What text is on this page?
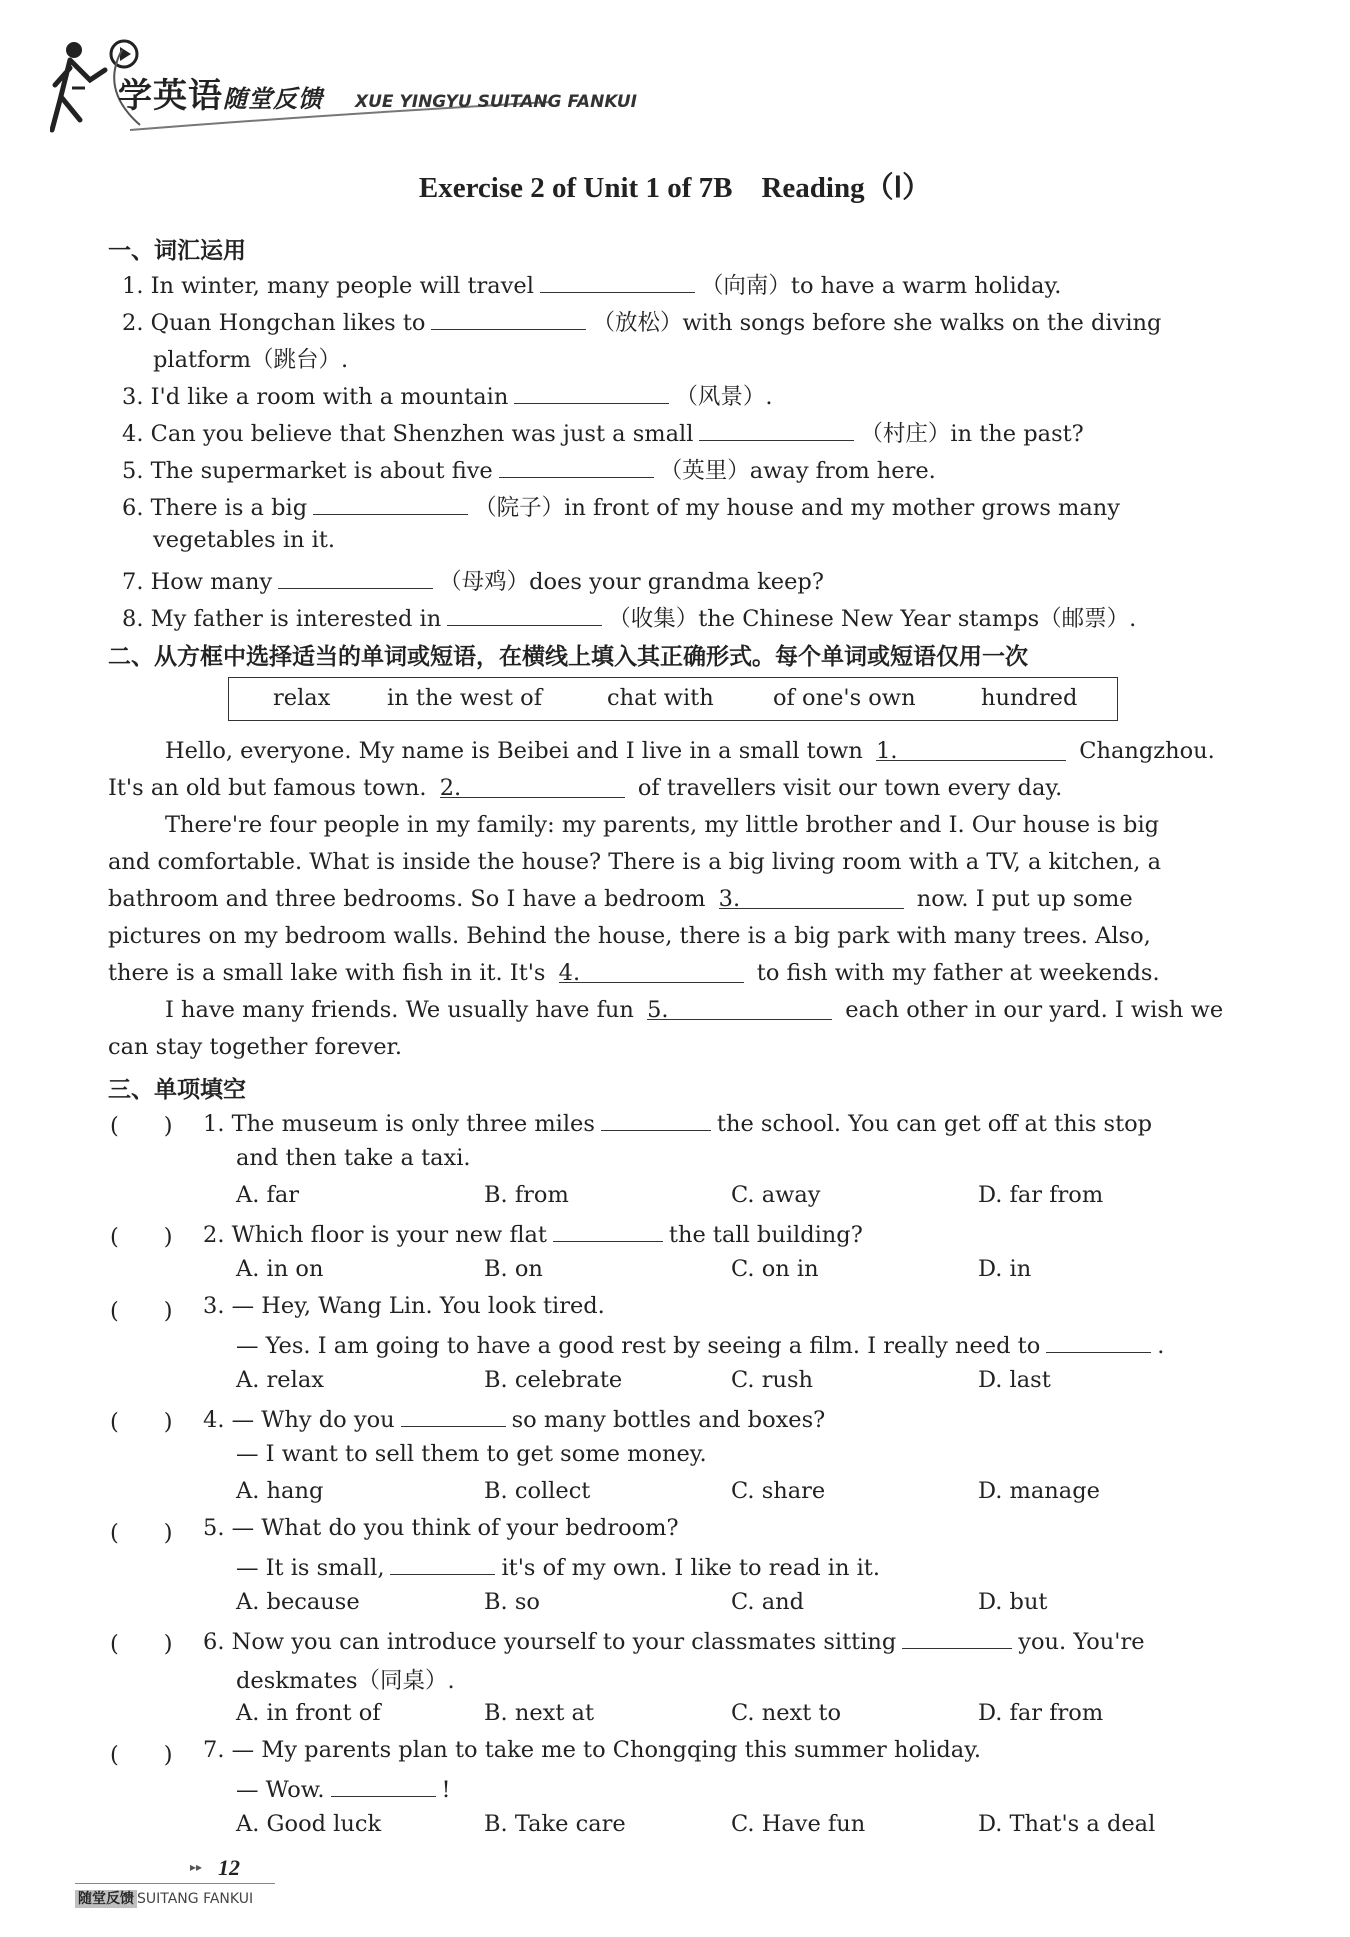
学英语随堂反馈 XUE YINGYU SUITANG FANKUI
Exercise 2 of Unit 1 of 7B　Reading（Ⅰ）
一、词汇运用
1. In winter, many people will travel	（向南）to have a warm holiday.
2. Quan Hongchan likes to	（放松）with songs before she walks on the diving
platform（跳台）.
3. I'd like a room with a mountain	（风景）.
4. Can you believe that Shenzhen was just a small	（村庄）in the past?
5. The supermarket is about five	（英里）away from here.
6. There is a big	（院子）in front of my house and my mother grows many
vegetables in it.
7. How many	（母鸡）does your grandma keep?
8. My father is interested in	（收集）the Chinese New Year stamps（邮票）.
二、从方框中选择适当的单词或短语，在横线上填入其正确形式。每个单词或短语仅用一次
relax	in the west of	chat with	of one's own	hundred
Hello, everyone. My name is Beibei and I live in a small town 1.	Changzhou.
It's an old but famous town. 2.	of travellers visit our town every day.
There're four people in my family: my parents, my little brother and I. Our house is big
and comfortable. What is inside the house? There is a big living room with a TV, a kitchen, a
bathroom and three bedrooms. So I have a bedroom 3.	now. I put up some
pictures on my bedroom walls. Behind the house, there is a big park with many trees. Also,
there is a small lake with fish in it. It's 4.	to fish with my father at weekends.
I have many friends. We usually have fun 5.	each other in our yard. I wish we
can stay together forever.
三、单项填空
(　　) 1. The museum is only three miles	the school. You can get off at this stop
and then take a taxi.
A. far	B. from	C. away	D. far from
(　　) 2. Which floor is your new flat	the tall building?
A. in on	B. on	C. on in	D. in
(　　) 3. — Hey, Wang Lin. You look tired.
— Yes. I am going to have a good rest by seeing a film. I really need to	.
A. relax	B. celebrate	C. rush	D. last
(　　) 4. — Why do you	so many bottles and boxes?
— I want to sell them to get some money.
A. hang	B. collect	C. share	D. manage
(　　) 5. — What do you think of your bedroom?
— It is small,	it's of my own. I like to read in it.
A. because	B. so	C. and	D. but
(　　) 6. Now you can introduce yourself to your classmates sitting	you. You're
deskmates（同桌）.
A. in front of	B. next at	C. next to	D. far from
(　　) 7. — My parents plan to take me to Chongqing this summer holiday.
— Wow.	!
A. Good luck	B. Take care	C. Have fun	D. That's a deal
▸▸ 12
随堂反馈 SUITANG FANKUI
